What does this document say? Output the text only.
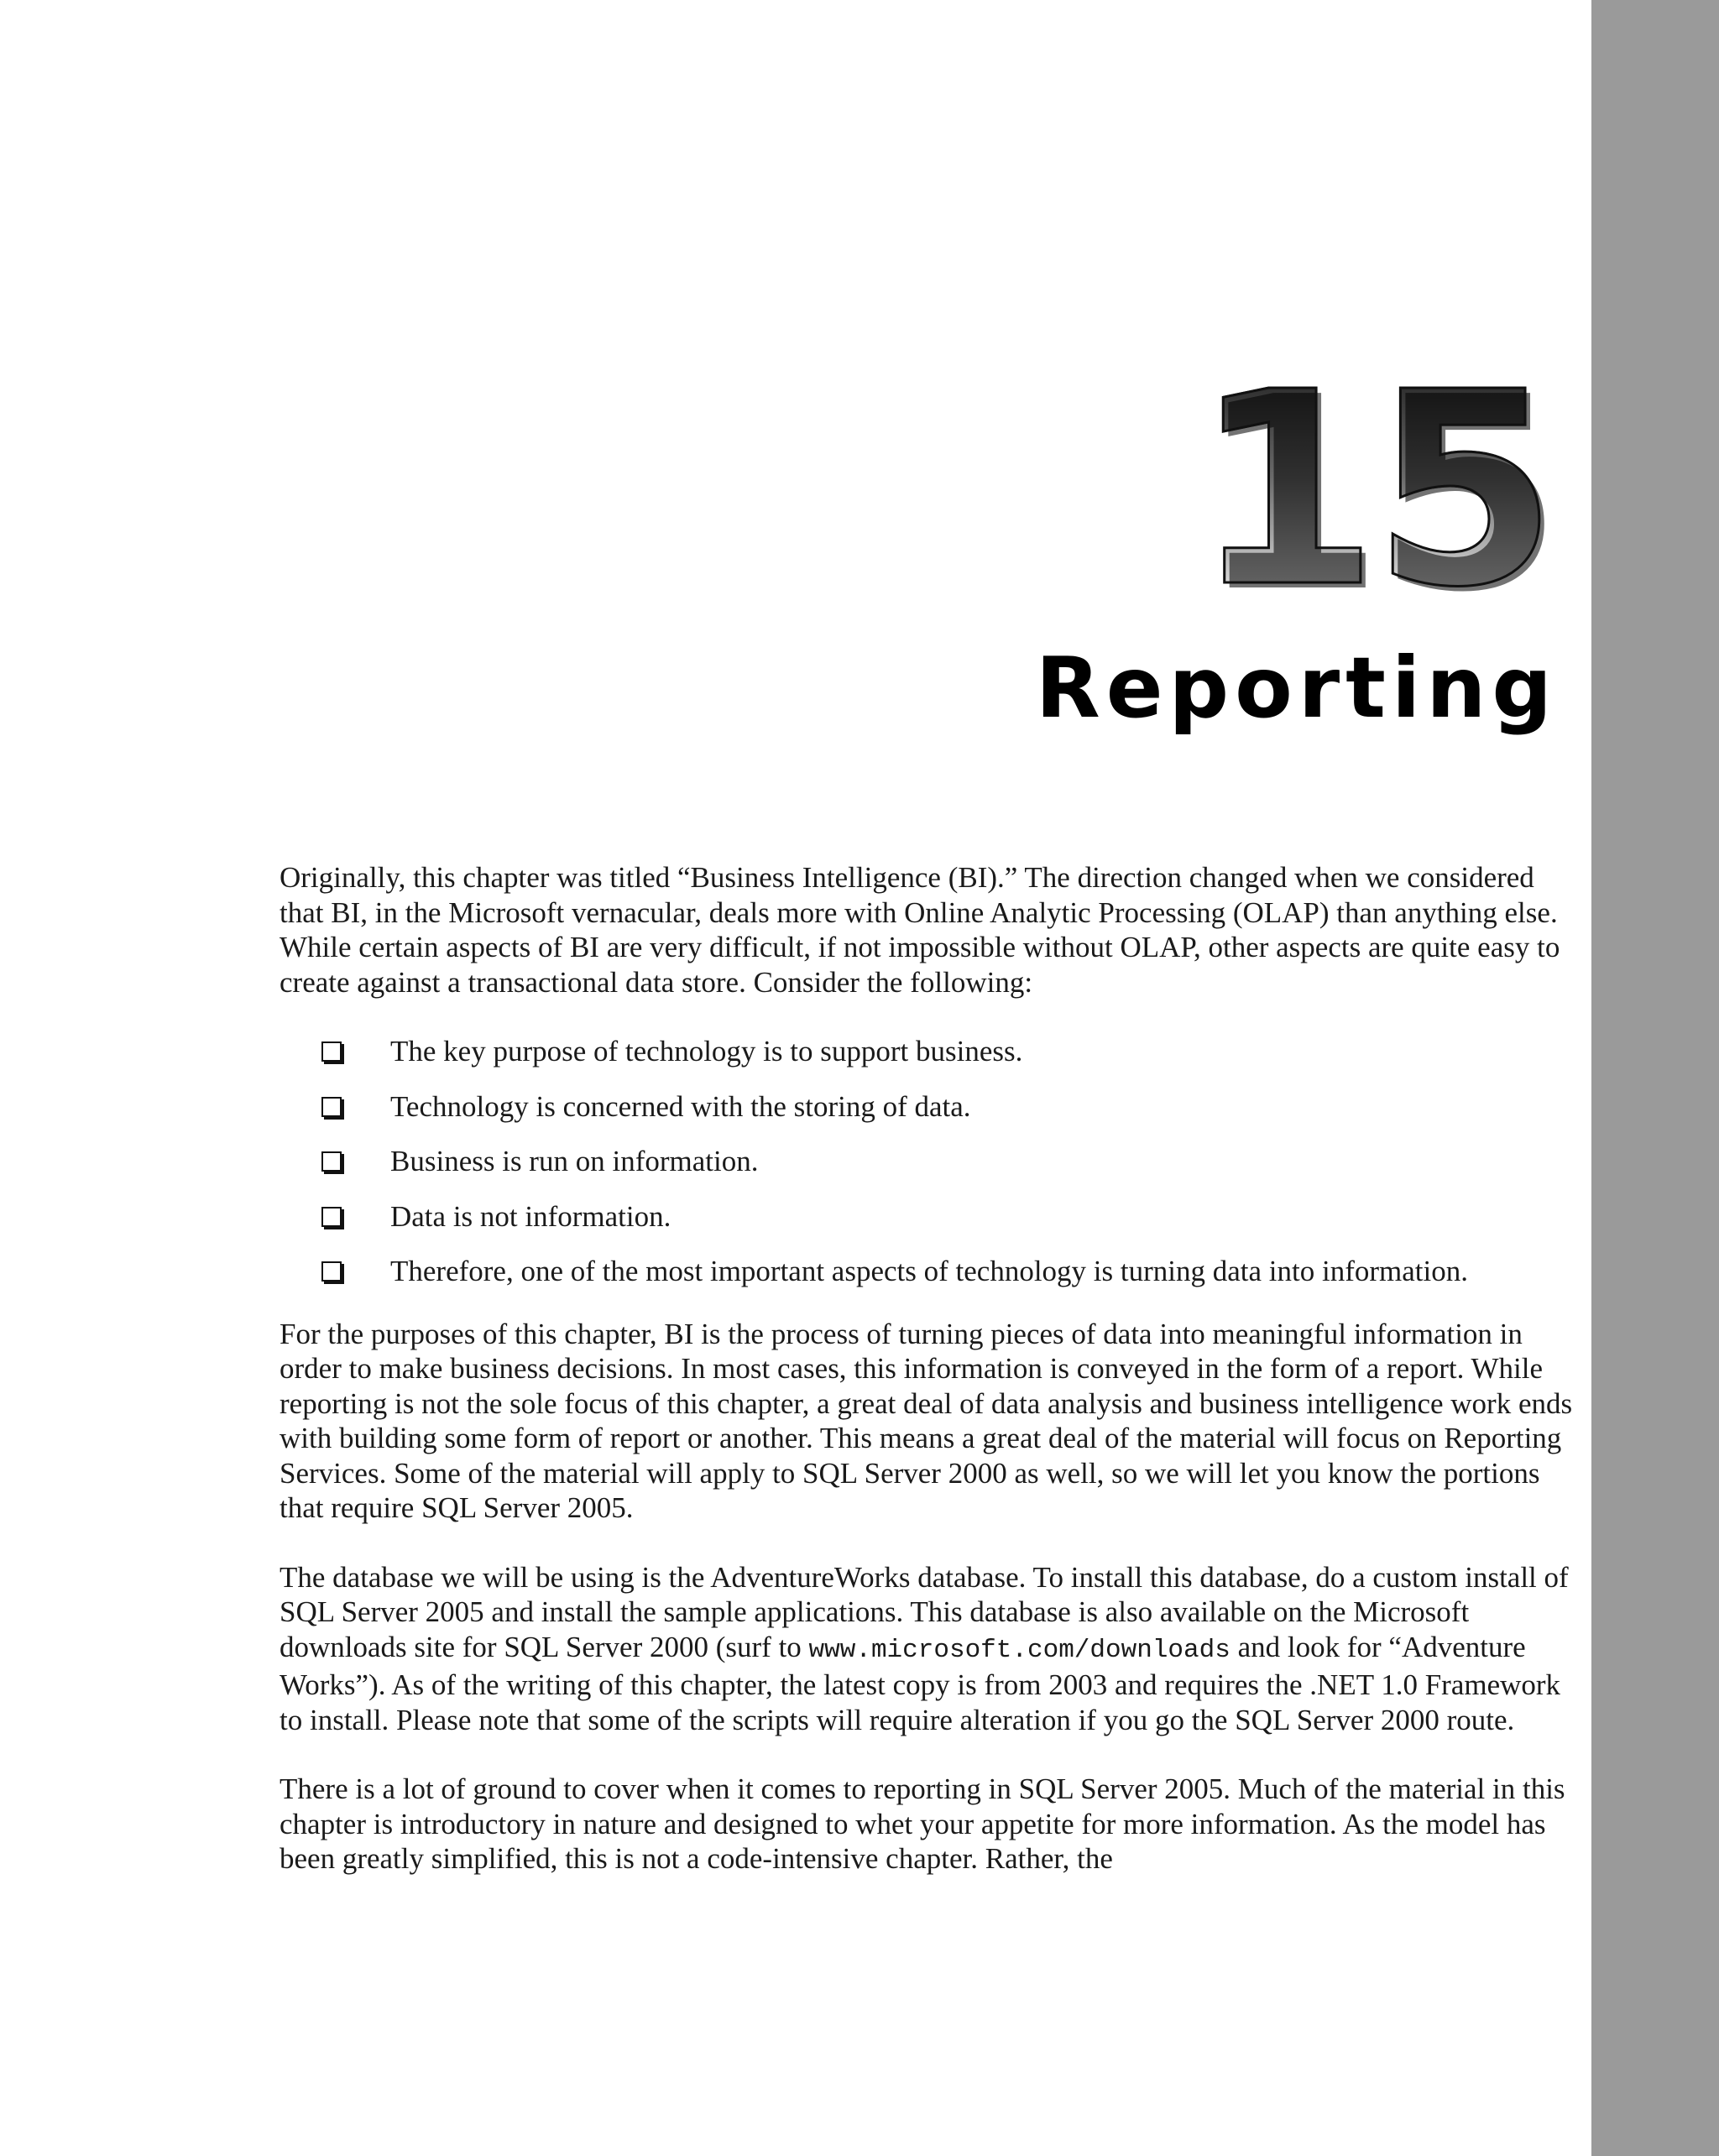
15
Reporting

Originally, this chapter was titled “Business Intelligence (BI).” The direction changed when we considered that BI, in the Microsoft vernacular, deals more with Online Analytic Processing (OLAP) than anything else. While certain aspects of BI are very difficult, if not impossible without OLAP, other aspects are quite easy to create against a transactional data store. Consider the following:

The key purpose of technology is to support business.
Technology is concerned with the storing of data.
Business is run on information.
Data is not information.
Therefore, one of the most important aspects of technology is turning data into information.

For the purposes of this chapter, BI is the process of turning pieces of data into meaningful information in order to make business decisions. In most cases, this information is conveyed in the form of a report. While reporting is not the sole focus of this chapter, a great deal of data analysis and business intelligence work ends with building some form of report or another. This means a great deal of the material will focus on Reporting Services. Some of the material will apply to SQL Server 2000 as well, so we will let you know the portions that require SQL Server 2005.

The database we will be using is the AdventureWorks database. To install this database, do a custom install of SQL Server 2005 and install the sample applications. This database is also available on the Microsoft downloads site for SQL Server 2000 (surf to www.microsoft.com/downloads and look for “Adventure Works”). As of the writing of this chapter, the latest copy is from 2003 and requires the .NET 1.0 Framework to install. Please note that some of the scripts will require alteration if you go the SQL Server 2000 route.

There is a lot of ground to cover when it comes to reporting in SQL Server 2005. Much of the material in this chapter is introductory in nature and designed to whet your appetite for more information. As the model has been greatly simplified, this is not a code-intensive chapter. Rather, the
